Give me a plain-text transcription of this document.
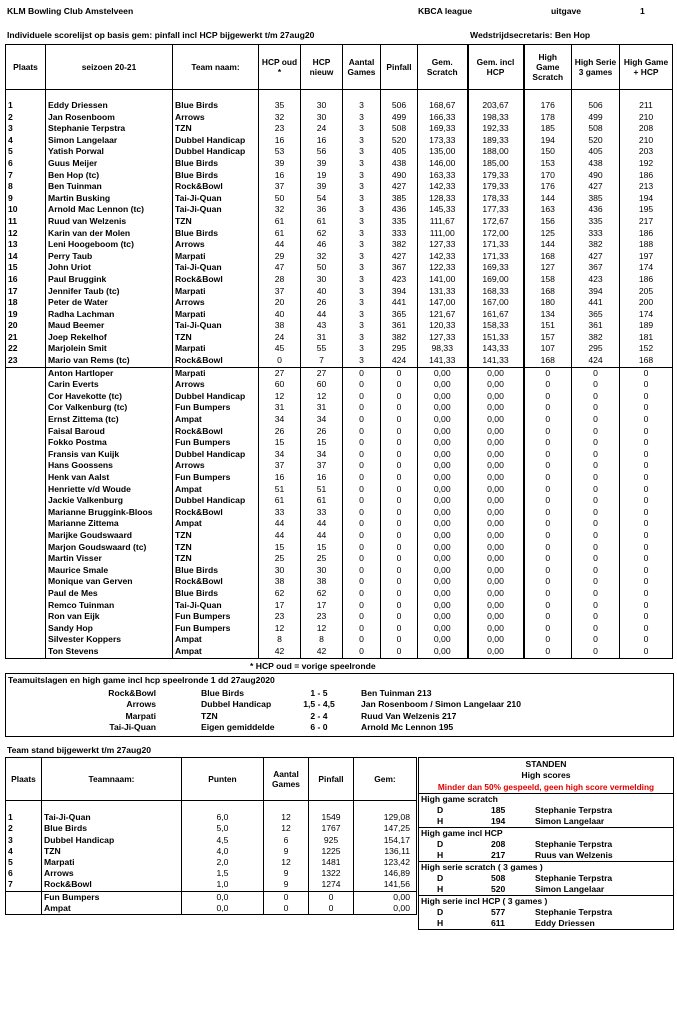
KLM Bowling Club Amstelveen	KBCA league	uitgave	1
Individuele scorelijst op basis gem: pinfall incl HCP bijgewerkt t/m 27aug20	Wedstrijdsecretaris: Ben Hop
Plaats	seizoen 20-21	Team naam:	HCP oud *	HCP nieuw	Aantal Games	Pinfall	Gem. Scratch	Gem. incl HCP	High Game Scratch	High Serie 3 games	High Game + HCP

1	Eddy Driessen	Blue Birds	35	30	3	506	168,67	203,67	176	506	211
2	Jan Rosenboom	Arrows	32	30	3	499	166,33	198,33	178	499	210
3	Stephanie Terpstra	TZN	23	24	3	508	169,33	192,33	185	508	208
4	Simon Langelaar	Dubbel Handicap	16	16	3	520	173,33	189,33	194	520	210
5	Yatish Porwal	Dubbel Handicap	53	56	3	405	135,00	188,00	150	405	203
6	Guus Meijer	Blue Birds	39	39	3	438	146,00	185,00	153	438	192
7	Ben Hop (tc)	Blue Birds	16	19	3	490	163,33	179,33	170	490	186
8	Ben Tuinman	Rock&Bowl	37	39	3	427	142,33	179,33	176	427	213
9	Martin Busking	Tai-Ji-Quan	50	54	3	385	128,33	178,33	144	385	194
10	Arnold Mac Lennon (tc)	Tai-Ji-Quan	32	36	3	436	145,33	177,33	163	436	195
11	Ruud van Welzenis	TZN	61	61	3	335	111,67	172,67	156	335	217
12	Karin van der Molen	Blue Birds	61	62	3	333	111,00	172,00	125	333	186
13	Leni Hoogeboom (tc)	Arrows	44	46	3	382	127,33	171,33	144	382	188
14	Perry Taub	Marpati	29	32	3	427	142,33	171,33	168	427	197
15	John Uriot	Tai-Ji-Quan	47	50	3	367	122,33	169,33	127	367	174
16	Paul Bruggink	Rock&Bowl	28	30	3	423	141,00	169,00	158	423	186
17	Jennifer Taub (tc)	Marpati	37	40	3	394	131,33	168,33	168	394	205
18	Peter de Water	Arrows	20	26	3	441	147,00	167,00	180	441	200
19	Radha Lachman	Marpati	40	44	3	365	121,67	161,67	134	365	174
20	Maud Beemer	Tai-Ji-Quan	38	43	3	361	120,33	158,33	151	361	189
21	Joep Rekelhof	TZN	24	31	3	382	127,33	151,33	157	382	181
22	Marjolein Smit	Marpati	45	55	3	295	98,33	143,33	107	295	152
23	Mario van Rems (tc)	Rock&Bowl	0	7	3	424	141,33	141,33	168	424	168
	Anton Hartloper	Marpati	27	27	0	0	0,00	0,00	0	0	0
	Carin Everts	Arrows	60	60	0	0	0,00	0,00	0	0	0
	Cor Havekotte (tc)	Dubbel Handicap	12	12	0	0	0,00	0,00	0	0	0
	Cor Valkenburg (tc)	Fun Bumpers	31	31	0	0	0,00	0,00	0	0	0
	Ernst Zittema (tc)	Ampat	34	34	0	0	0,00	0,00	0	0	0
	Faisal Baroud	Rock&Bowl	26	26	0	0	0,00	0,00	0	0	0
	Fokko Postma	Fun Bumpers	15	15	0	0	0,00	0,00	0	0	0
	Fransis van Kuijk	Dubbel Handicap	34	34	0	0	0,00	0,00	0	0	0
	Hans Goossens	Arrows	37	37	0	0	0,00	0,00	0	0	0
	Henk van Aalst	Fun Bumpers	16	16	0	0	0,00	0,00	0	0	0
	Henriette v/d Woude	Ampat	51	51	0	0	0,00	0,00	0	0	0
	Jackie Valkenburg	Dubbel Handicap	61	61	0	0	0,00	0,00	0	0	0
	Marianne Bruggink-Bloos	Rock&Bowl	33	33	0	0	0,00	0,00	0	0	0
	Marianne Zittema	Ampat	44	44	0	0	0,00	0,00	0	0	0
	Marijke Goudswaard	TZN	44	44	0	0	0,00	0,00	0	0	0
	Marjon Goudswaard (tc)	TZN	15	15	0	0	0,00	0,00	0	0	0
	Martin Visser	TZN	25	25	0	0	0,00	0,00	0	0	0
	Maurice Smale	Blue Birds	30	30	0	0	0,00	0,00	0	0	0
	Monique van Gerven	Rock&Bowl	38	38	0	0	0,00	0,00	0	0	0
	Paul de Mes	Blue Birds	62	62	0	0	0,00	0,00	0	0	0
	Remco Tuinman	Tai-Ji-Quan	17	17	0	0	0,00	0,00	0	0	0
	Ron van Eijk	Fun Bumpers	23	23	0	0	0,00	0,00	0	0	0
	Sandy Hop	Fun Bumpers	12	12	0	0	0,00	0,00	0	0	0
	Silvester Koppers	Ampat	8	8	0	0	0,00	0,00	0	0	0
	Ton Stevens	Ampat	42	42	0	0	0,00	0,00	0	0	0
* HCP oud = vorige speelronde
Teamuitslagen en high game incl hcp speelronde 1 dd 27aug2020
Rock&Bowl	Blue Birds	1 - 5	Ben Tuinman 213
Arrows	Dubbel Handicap	1,5 - 4,5	Jan Rosenboom / Simon Langelaar 210
Marpati	TZN	2 - 4	Ruud Van Welzenis 217
Tai-Ji-Quan	Eigen gemiddelde	6 - 0	Arnold Mc Lennon 195
Team stand bijgewerkt t/m 27aug20
Plaats	Teamnaam:	Punten	Aantal Games	Pinfall	Gem:

1	Tai-Ji-Quan	6,0	12	1549	129,08
2	Blue Birds	5,0	12	1767	147,25
3	Dubbel Handicap	4,5	6	925	154,17
4	TZN	4,0	9	1225	136,11
5	Marpati	2,0	12	1481	123,42
6	Arrows	1,5	9	1322	146,89
7	Rock&Bowl	1,0	9	1274	141,56
	Fun Bumpers	0,0	0	0	0,00
	Ampat	0,0	0	0	0,00
STANDEN
High scores
Minder dan 50% gespeeld, geen high score vermelding
High game scratch
D	185	Stephanie Terpstra
H	194	Simon Langelaar
High game incl HCP
D	208	Stephanie Terpstra
H	217	Ruus van Welzenis
High serie scratch ( 3 games )
D	508	Stephanie Terpstra
H	520	Simon Langelaar
High serie incl HCP ( 3 games )
D	577	Stephanie Terpstra
H	611	Eddy Driessen
